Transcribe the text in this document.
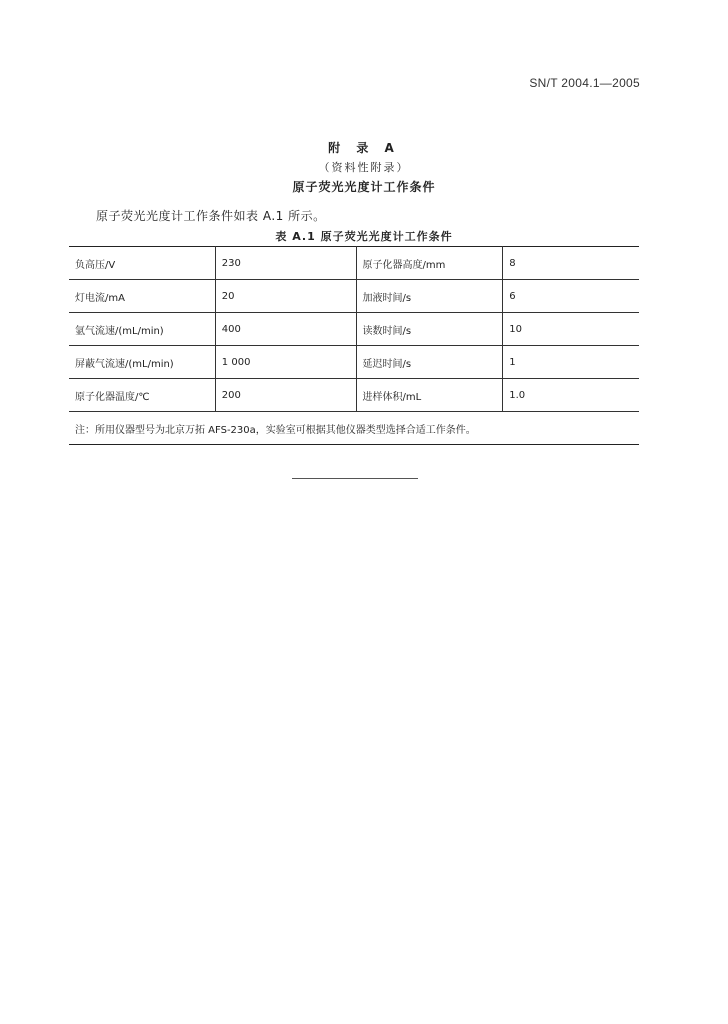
SN/T 2004.1—2005
附 录 A
（资料性附录）
原子荧光光度计工作条件
原子荧光光度计工作条件如表 A.1 所示。
表 A.1 原子荧光光度计工作条件
负高压/V	230	原子化器高度/mm	8
灯电流/mA	20	加液时间/s	6
氩气流速/(mL/min)	400	读数时间/s	10
屏蔽气流速/(mL/min)	1 000	延迟时间/s	1
原子化器温度/℃	200	进样体积/mL	1.0
注：所用仪器型号为北京万拓 AFS-230a，实验室可根据其他仪器类型选择合适工作条件。			
